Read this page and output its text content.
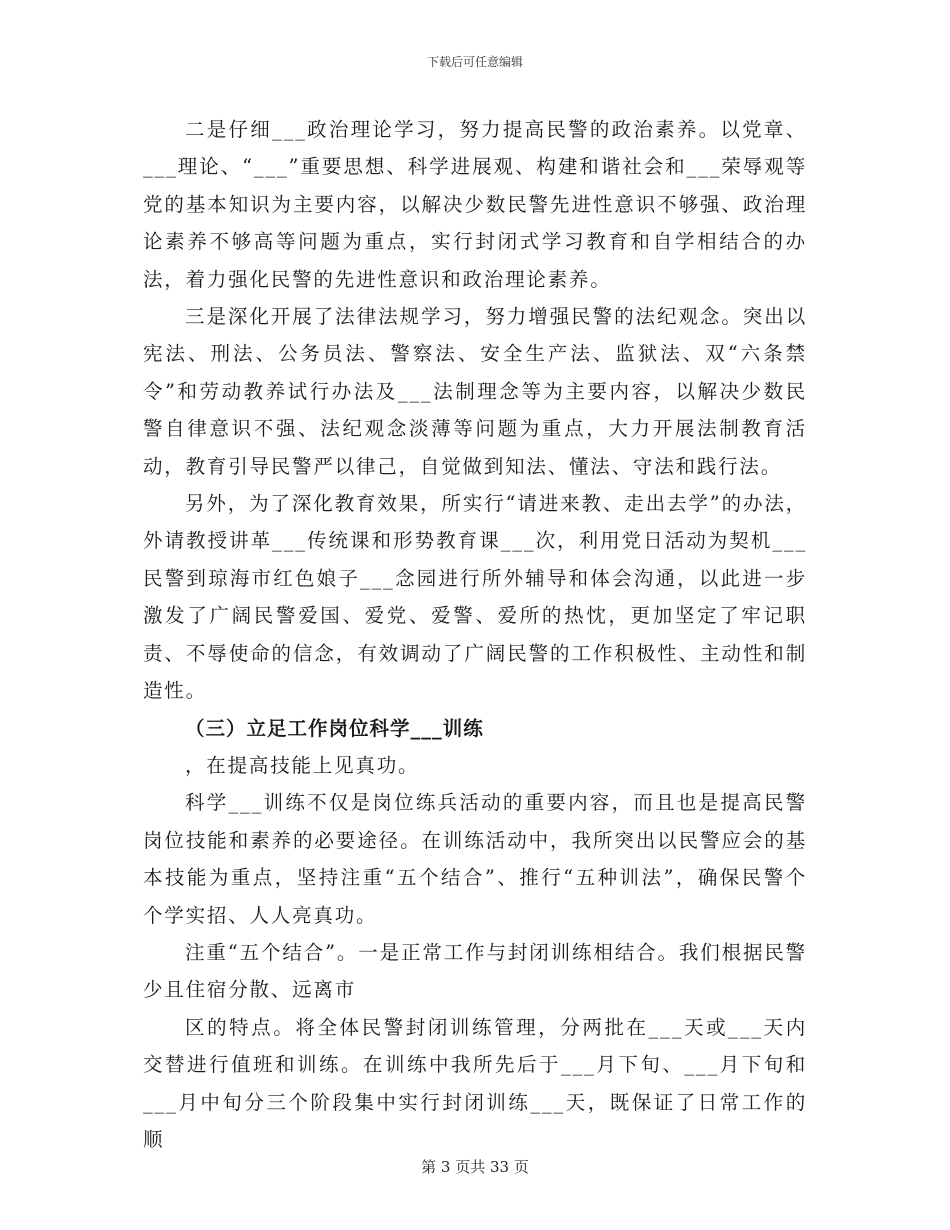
下载后可任意编辑

二是仔细___政治理论学习，努力提高民警的政治素养。以党章、___理论、“___”重要思想、科学进展观、构建和谐社会和___荣辱观等党的基本知识为主要内容，以解决少数民警先进性意识不够强、政治理论素养不够高等问题为重点，实行封闭式学习教育和自学相结合的办法，着力强化民警的先进性意识和政治理论素养。

三是深化开展了法律法规学习，努力增强民警的法纪观念。突出以宪法、刑法、公务员法、警察法、安全生产法、监狱法、双“六条禁令”和劳动教养试行办法及___法制理念等为主要内容，以解决少数民警自律意识不强、法纪观念淡薄等问题为重点，大力开展法制教育活动，教育引导民警严以律己，自觉做到知法、懂法、守法和践行法。

另外，为了深化教育效果，所实行“请进来教、走出去学”的办法，外请教授讲革___传统课和形势教育课___次，利用党日活动为契机___民警到琼海市红色娘子___念园进行所外辅导和体会沟通，以此进一步激发了广阔民警爱国、爱党、爱警、爱所的热忱，更加坚定了牢记职责、不辱使命的信念，有效调动了广阔民警的工作积极性、主动性和制造性。

（三）立足工作岗位科学___训练

，在提高技能上见真功。

科学___训练不仅是岗位练兵活动的重要内容，而且也是提高民警岗位技能和素养的必要途径。在训练活动中，我所突出以民警应会的基本技能为重点，坚持注重“五个结合”、推行“五种训法”，确保民警个个学实招、人人亮真功。

注重“五个结合”。一是正常工作与封闭训练相结合。我们根据民警少且住宿分散、远离市

区的特点。将全体民警封闭训练管理，分两批在___天或___天内交替进行值班和训练。在训练中我所先后于___月下旬、___月下旬和___月中旬分三个阶段集中实行封闭训练___天，既保证了日常工作的顺

第 3 页共 33 页
